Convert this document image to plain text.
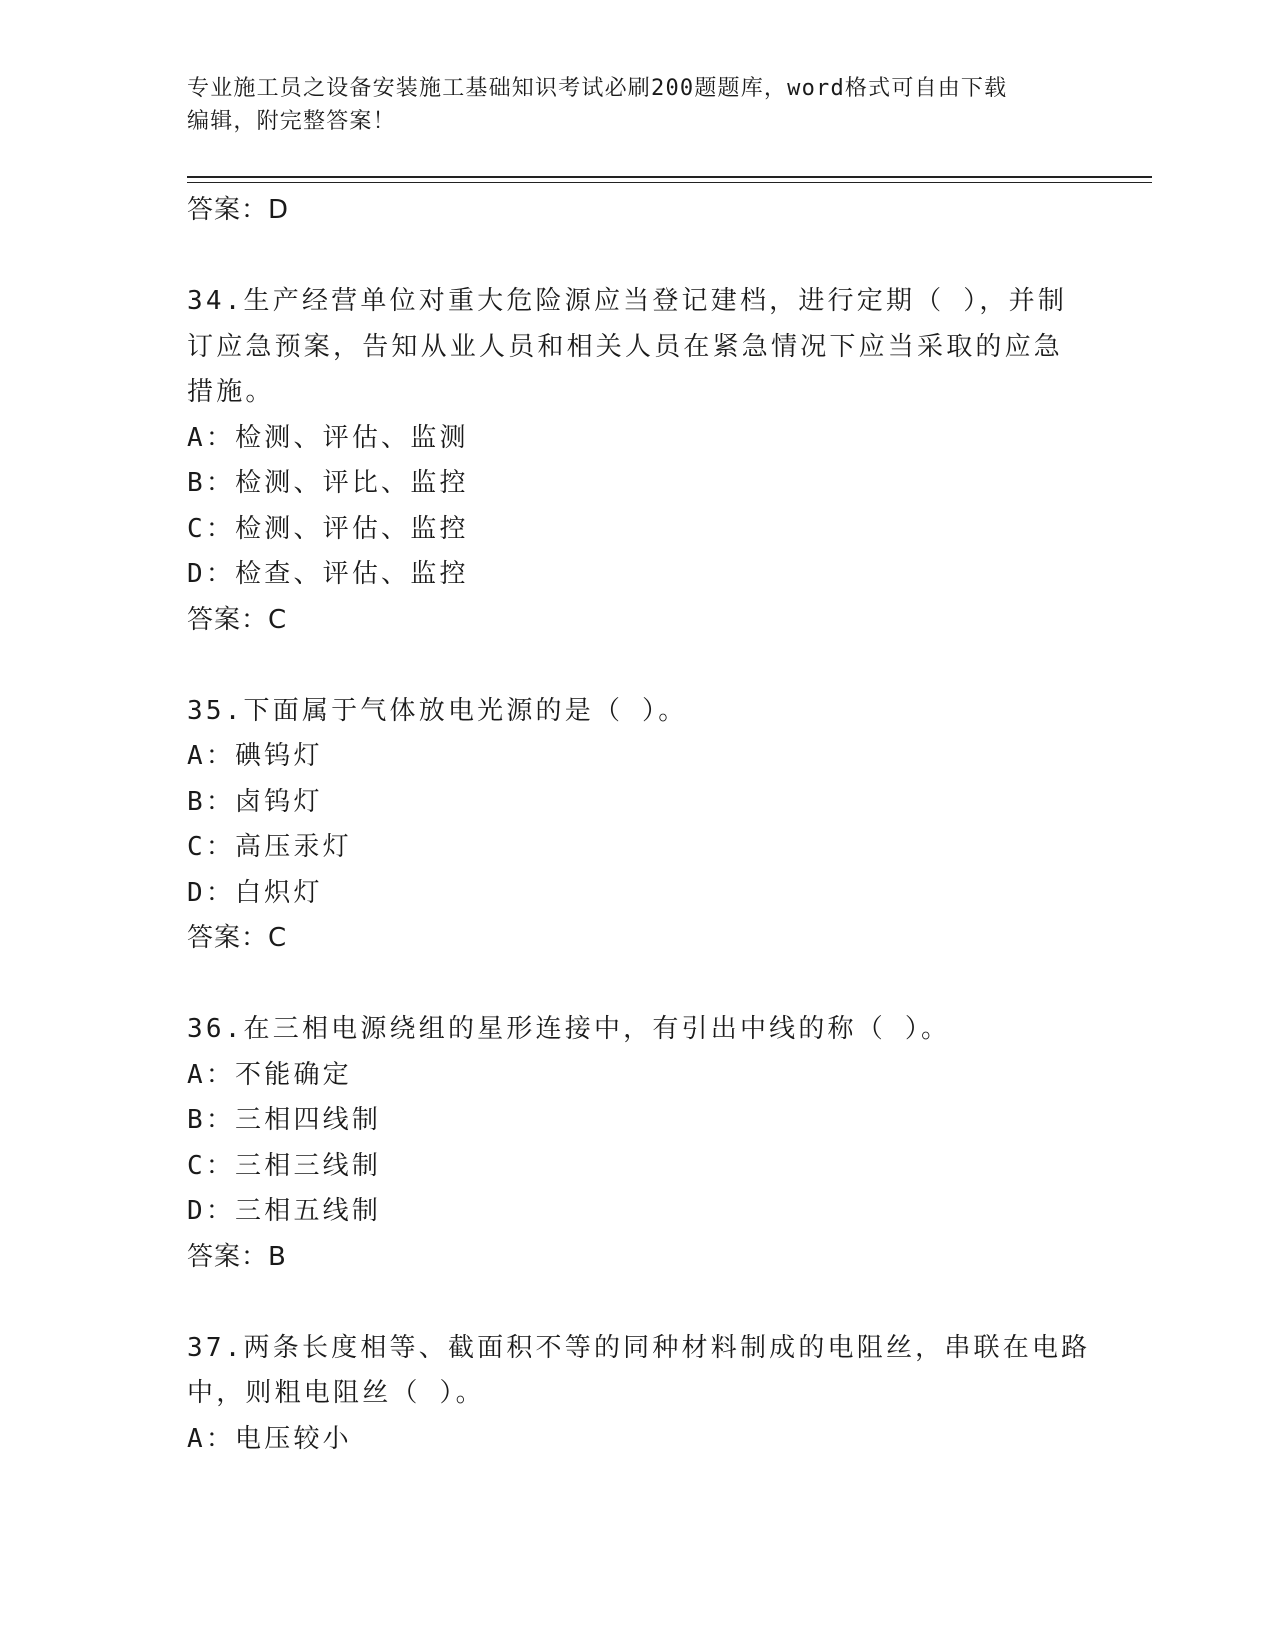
专业施工员之设备安装施工基础知识考试必刷200题题库，word格式可自由下载
编辑，附完整答案！
答案：D
34.生产经营单位对重大危险源应当登记建档，进行定期（ ），并制
订应急预案，告知从业人员和相关人员在紧急情况下应当采取的应急
措施。
A：检测、评估、监测
B：检测、评比、监控
C：检测、评估、监控
D：检查、评估、监控
答案：C
35.下面属于气体放电光源的是（ ）。
A：碘钨灯
B：卤钨灯
C：高压汞灯
D：白炽灯
答案：C
36.在三相电源绕组的星形连接中，有引出中线的称（ ）。
A：不能确定
B：三相四线制
C：三相三线制
D：三相五线制
答案：B
37.两条长度相等、截面积不等的同种材料制成的电阻丝，串联在电路
中，则粗电阻丝（ ）。
A：电压较小
